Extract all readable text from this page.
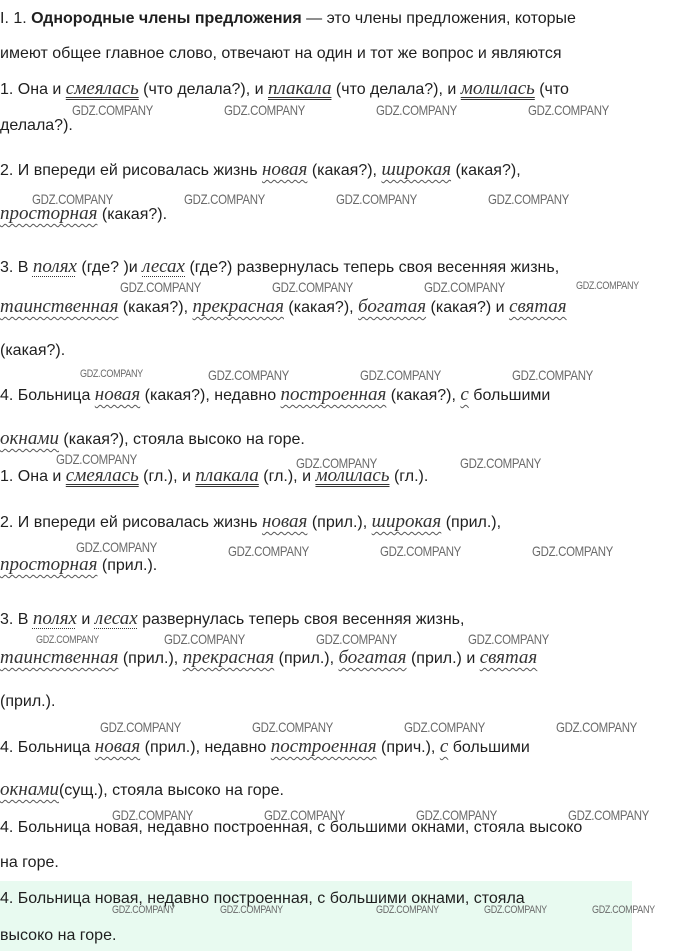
I. 1. Однородные члены предложения — это члены предложения, которые
имеют общее главное слово, отвечают на один и тот же вопрос и являются
1. Она и смеялась (что делала?), и плакала (что делала?), и молилась (что
делала?).
2. И впереди ей рисовалась жизнь новая (какая?), широкая (какая?),
просторная (какая?).
3. В полях (где? )и лесах (где?) развернулась теперь своя весенняя жизнь,
таинственная (какая?), прекрасная (какая?), богатая (какая?) и святая
(какая?).
4. Больница новая (какая?), недавно построенная (какая?), с большими
окнами (какая?), стояла высоко на горе.
1. Она и смеялась (гл.), и плакала (гл.), и молилась (гл.).
2. И впереди ей рисовалась жизнь новая (прил.), широкая (прил.),
просторная (прил.).
3. В полях и лесах развернулась теперь своя весенняя жизнь,
таинственная (прил.), прекрасная (прил.), богатая (прил.) и святая
(прил.).
4. Больница новая (прил.), недавно построенная (прич.), с большими
окнами(сущ.), стояла высоко на горе.
4. Больница новая, недавно построенная, с большими окнами, стояла высоко
на горе.
4. Больница новая, недавно построенная, с большими окнами, стояла
высоко на горе.
GDZ.COMPANY	GDZ.COMPANY	GDZ.COMPANY	GDZ.COMPANY
GDZ.COMPANY	GDZ.COMPANY	GDZ.COMPANY	GDZ.COMPANY
GDZ.COMPANY	GDZ.COMPANY	GDZ.COMPANY	GDZ.COMPANY
GDZ.COMPANY	GDZ.COMPANY	GDZ.COMPANY	GDZ.COMPANY
GDZ.COMPANY	GDZ.COMPANY	GDZ.COMPANY
GDZ.COMPANY	GDZ.COMPANY	GDZ.COMPANY	GDZ.COMPANY
GDZ.COMPANY	GDZ.COMPANY	GDZ.COMPANY	GDZ.COMPANY
GDZ.COMPANY	GDZ.COMPANY	GDZ.COMPANY	GDZ.COMPANY
GDZ.COMPANY	GDZ.COMPANY	GDZ.COMPANY	GDZ.COMPANY
GDZ.COMPANY	GDZ.COMPANY	GDZ.COMPANY	GDZ.COMPANY	GDZ.COMPANY
